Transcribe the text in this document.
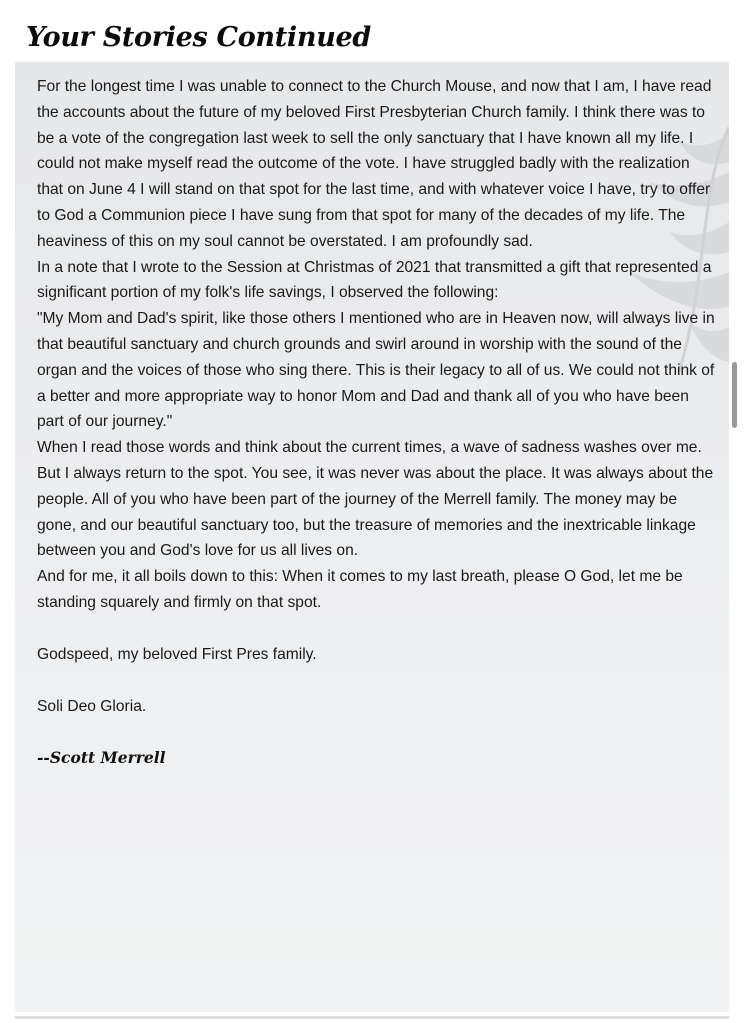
Your Stories Continued

For the longest time I was unable to connect to the Church Mouse, and now that I am, I have read the accounts about the future of my beloved First Presbyterian Church family. I think there was to be a vote of the congregation last week to sell the only sanctuary that I have known all my life. I could not make myself read the outcome of the vote. I have struggled badly with the realization that on June 4 I will stand on that spot for the last time, and with whatever voice I have, try to offer to God a Communion piece I have sung from that spot for many of the decades of my life. The heaviness of this on my soul cannot be overstated. I am profoundly sad.

In a note that I wrote to the Session at Christmas of 2021 that transmitted a gift that represented a significant portion of my folk's life savings, I observed the following:

"My Mom and Dad's spirit, like those others I mentioned who are in Heaven now, will always live in that beautiful sanctuary and church grounds and swirl around in worship with the sound of the organ and the voices of those who sing there. This is their legacy to all of us. We could not think of a better and more appropriate way to honor Mom and Dad and thank all of you who have been part of our journey."

When I read those words and think about the current times, a wave of sadness washes over me. But I always return to the spot. You see, it was never was about the place. It was always about the people. All of you who have been part of the journey of the Merrell family. The money may be gone, and our beautiful sanctuary too, but the treasure of memories and the inextricable linkage between you and God's love for us all lives on.

And for me, it all boils down to this: When it comes to my last breath, please O God, let me be standing squarely and firmly on that spot.

Godspeed, my beloved First Pres family.

Soli Deo Gloria.

--Scott Merrell
